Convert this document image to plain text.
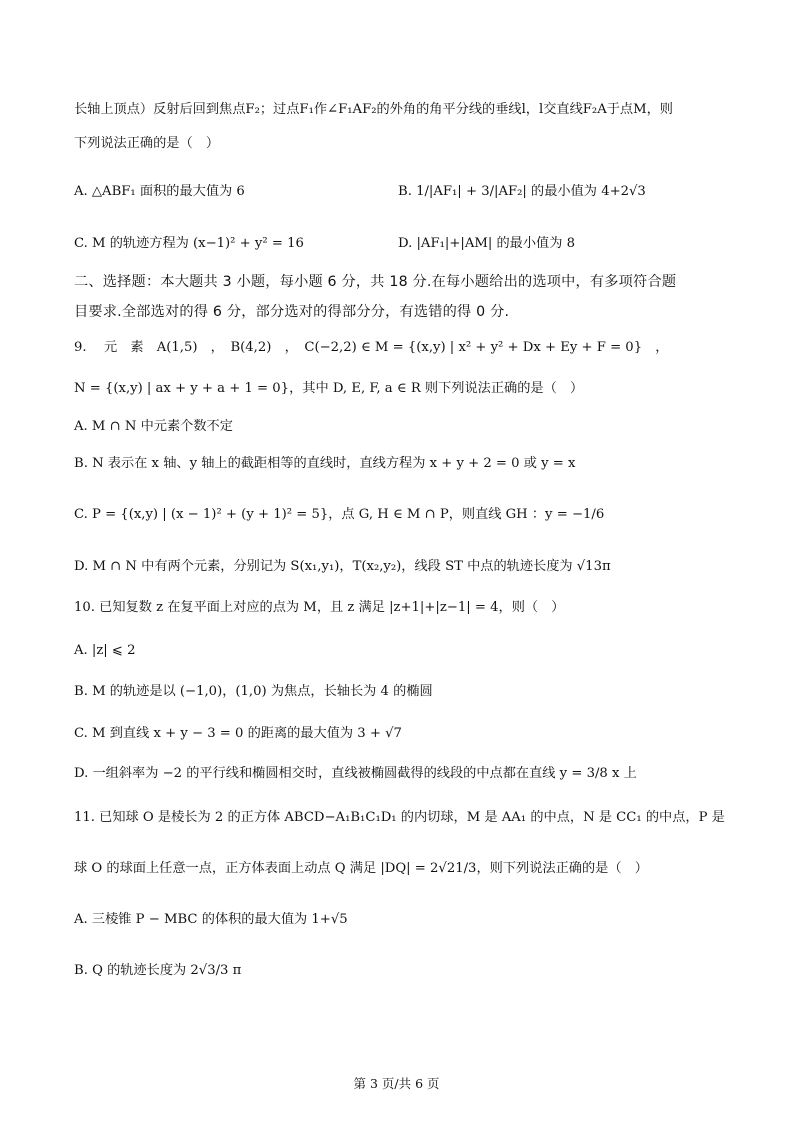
长轴上顶点）反射后回到焦点F₂；过点F₁作∠F₁AF₂的外角的角平分线的垂线l，l交直线F₂A于点M，则
下列说法正确的是（　）
A. △ABF₁ 面积的最大值为 6	B. 1/|AF₁| + 3/|AF₂| 的最小值为 4+2√3
C. M 的轨迹方程为 (x−1)² + y² = 16	D. |AF₁|+|AM| 的最小值为 8
二、选择题：本大题共 3 小题，每小题 6 分，共 18 分.在每小题给出的选项中，有多项符合题
目要求.全部选对的得 6 分，部分选对的得部分分，有选错的得 0 分.
9.　 元　素　A(1,5)　，　B(4,2)　，　C(−2,2) ∈ M = {(x,y) | x² + y² + Dx + Ey + F = 0}　，
N = {(x,y) | ax + y + a + 1 = 0}，其中 D, E, F, a ∈ R 则下列说法正确的是（　）
A. M ∩ N 中元素个数不定
B. N 表示在 x 轴、y 轴上的截距相等的直线时，直线方程为 x + y + 2 = 0 或 y = x
C. P = {(x,y) | (x − 1)² + (y + 1)² = 5}，点 G, H ∈ M ∩ P，则直线 GH ：y = −1/6
D. M ∩ N 中有两个元素，分别记为 S(x₁,y₁)，T(x₂,y₂)，线段 ST 中点的轨迹长度为 √13π
10. 已知复数 z 在复平面上对应的点为 M，且 z 满足 |z+1|+|z−1| = 4，则（　）
A. |z| ⩽ 2
B. M 的轨迹是以 (−1,0)，(1,0) 为焦点，长轴长为 4 的椭圆
C. M 到直线 x + y − 3 = 0 的距离的最大值为 3 + √7
D. 一组斜率为 −2 的平行线和椭圆相交时，直线被椭圆截得的线段的中点都在直线 y = 3/8 x 上
11. 已知球 O 是棱长为 2 的正方体 ABCD−A₁B₁C₁D₁ 的内切球，M 是 AA₁ 的中点，N 是 CC₁ 的中点，P 是
球 O 的球面上任意一点，正方体表面上动点 Q 满足 |DQ| = 2√21/3，则下列说法正确的是（　）
A. 三棱锥 P − MBC 的体积的最大值为 1+√5
B. Q 的轨迹长度为 2√3/3 π
第 3 页/共 6 页
